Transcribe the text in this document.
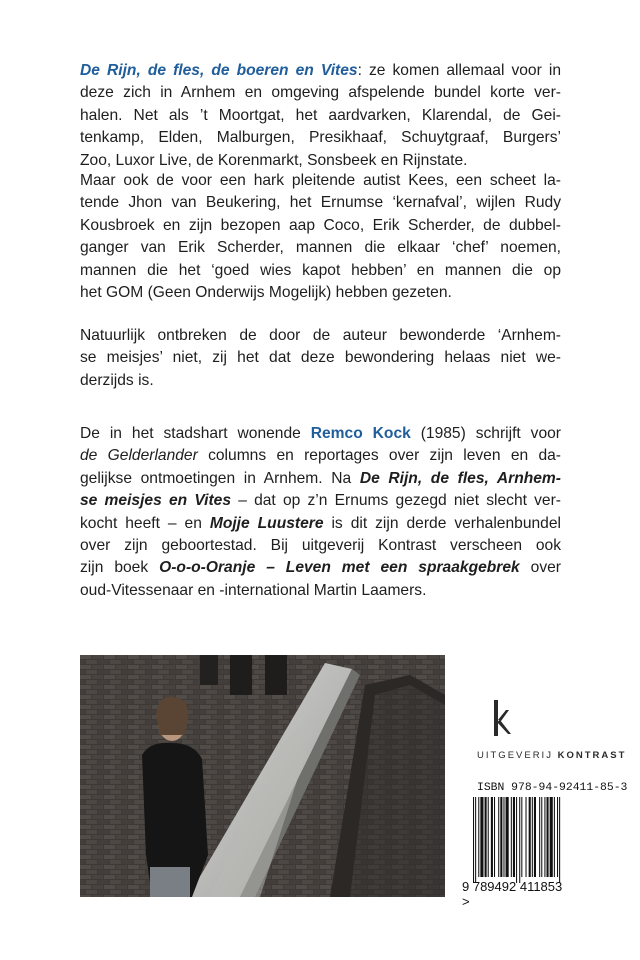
De Rijn, de fles, de boeren en Vites: ze komen allemaal voor in
deze zich in Arnhem en omgeving afspelende bundel korte ver-
halen. Net als ’t Moortgat, het aardvarken, Klarendal, de Gei-
tenkamp, Elden, Malburgen, Presikhaaf, Schuytgraaf, Burgers’
Zoo, Luxor Live, de Korenmarkt, Sonsbeek en Rijnstate.
Maar ook de voor een hark pleitende autist Kees, een scheet la-
tende Jhon van Beukering, het Ernumse ‘kernafval’, wijlen Rudy
Kousbroek en zijn bezopen aap Coco, Erik Scherder, de dubbel-
ganger van Erik Scherder, mannen die elkaar ‘chef’ noemen,
mannen die het ‘goed wies kapot hebben’ en mannen die op
het GOM (Geen Onderwijs Mogelijk) hebben gezeten.
Natuurlijk ontbreken de door de auteur bewonderde ‘Arnhem-
se meisjes’ niet, zij het dat deze bewondering helaas niet we-
derzijds is.
De in het stadshart wonende Remco Kock (1985) schrijft voor
de Gelderlander columns en reportages over zijn leven en da-
gelijkse ontmoetingen in Arnhem. Na De Rijn, de fles, Arnhem-
se meisjes en Vites – dat op z’n Ernums gezegd niet slecht ver-
kocht heeft – en Mojje Luustere is dit zijn derde verhalenbundel
over zijn geboortestad. Bij uitgeverij Kontrast verscheen ook
zijn boek O-o-o-Oranje – Leven met een spraakgebrek over
oud-Vitessenaar en -international Martin Laamers.
UITGEVERIJ KONTRAST
ISBN 978-94-92411-85-3
9 789492 411853 >
